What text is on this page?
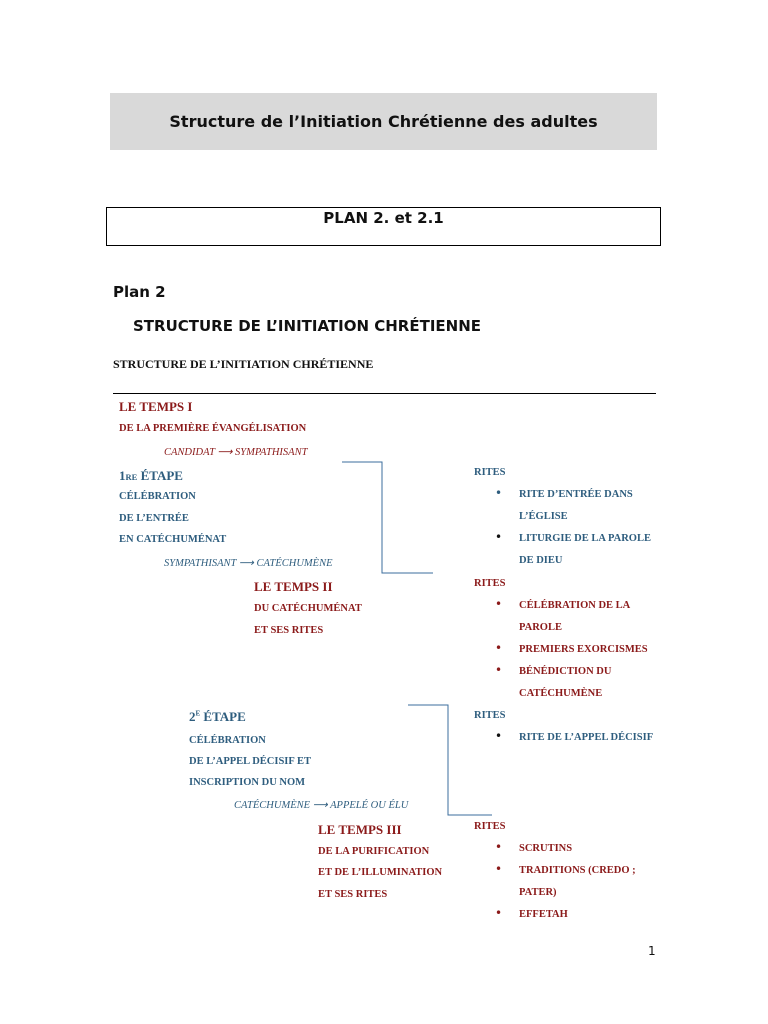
Structure de l’Initiation Chrétienne des adultes
PLAN 2. et 2.1
Plan 2
STRUCTURE DE L’INITIATION CHRÉTIENNE
STRUCTURE DE L’INITIATION CHRÉTIENNE
LE TEMPS I
DE LA PREMIÈRE ÉVANGÉLISATION
CANDIDAT ⟶ SYMPATHISANT
1RE ÉTAPE
CÉLÉBRATION
DE L’ENTRÉE
EN CATÉCHUMÉNAT
SYMPATHISANT ⟶ CATÉCHUMÈNE
LE TEMPS II
DU CATÉCHUMÉNAT
ET SES RITES
$2^E$ ÉTAPE
CÉLÉBRATION
DE L’APPEL DÉCISIF ET
INSCRIPTION DU NOM
CATÉCHUMÈNE ⟶ APPELÉ OU ÉLU
LE TEMPS III
DE LA PURIFICATION
ET DE L’ILLUMINATION
ET SES RITES
RITES
• RITE D’ENTRÉE DANS
L’ÉGLISE
• LITURGIE DE LA PAROLE
DE DIEU
RITES
• CÉLÉBRATION DE LA
PAROLE
• PREMIERS EXORCISMES
• BÉNÉDICTION DU
CATÉCHUMÈNE
RITES
• RITE DE L’APPEL DÉCISIF
RITES
• SCRUTINS
• TRADITIONS (CREDO ;
PATER)
• EFFETAH
1
